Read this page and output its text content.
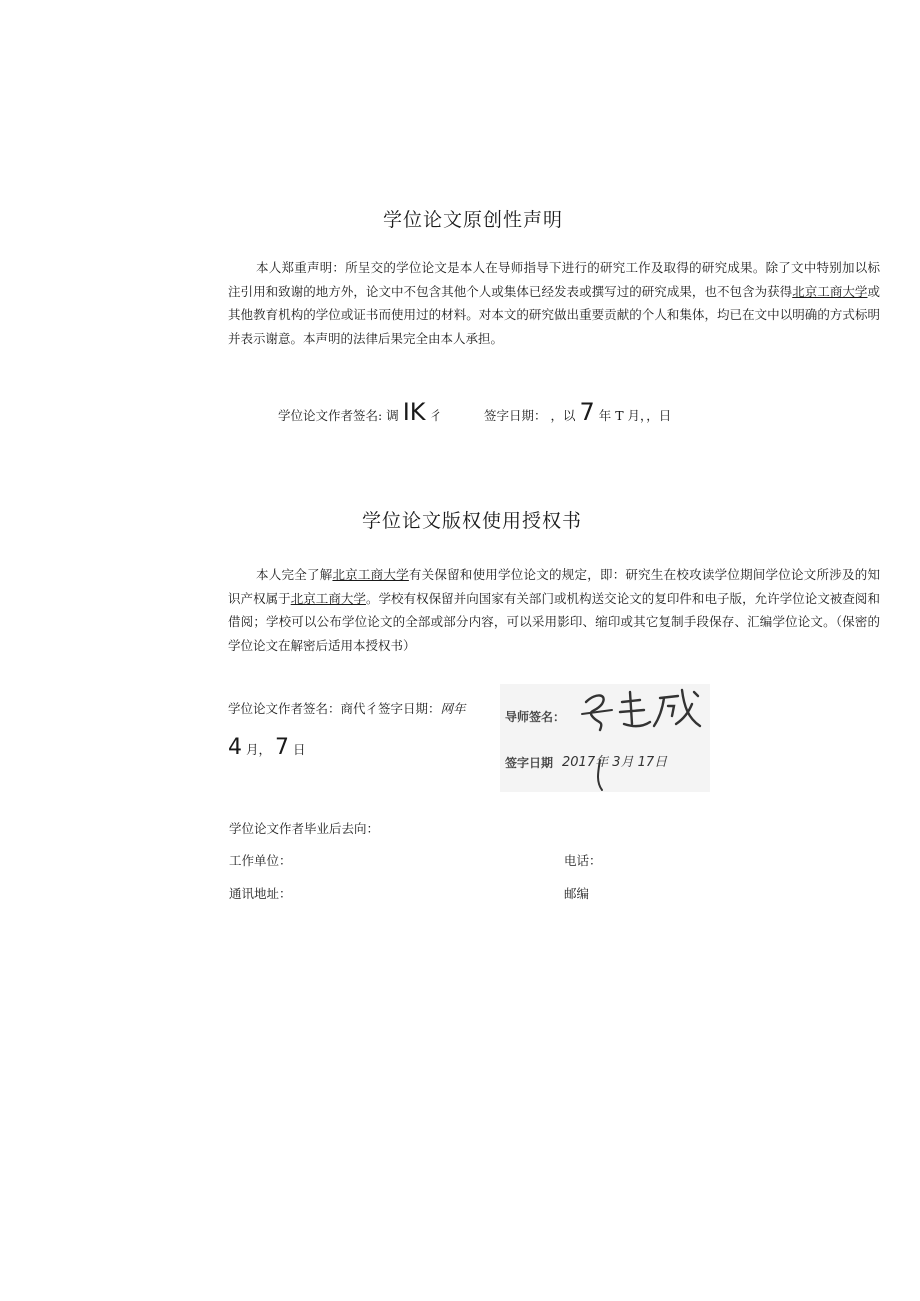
学位论文原创性声明

本人郑重声明：所呈交的学位论文是本人在导师指导下进行的研究工作及取得的研究成果。除了文中特别加以标注引用和致谢的地方外，论文中不包含其他个人或集体已经发表或撰写过的研究成果，也不包含为获得北京工商大学或其他教育机构的学位或证书而使用过的材料。对本文的研究做出重要贡献的个人和集体，均已在文中以明确的方式标明并表示谢意。本声明的法律后果完全由本人承担。

学位论文作者签名: 调 IK 彳	签字日期： ，以 7 年 T 月，，日
学位论文版权使用授权书

本人完全了解北京工商大学有关保留和使用学位论文的规定，即：研究生在校攻读学位期间学位论文所涉及的知识产权属于北京工商大学。学校有权保留并向国家有关部门或机构送交论文的复印件和电子版，允许学位论文被查阅和借阅；学校可以公布学位论文的全部或部分内容，可以采用影印、缩印或其它复制手段保存、汇编学位论文。（保密的学位论文在解密后适用本授权书）

学位论文作者签名：商代彳签字日期：网年
4 月， 7 日
导师签名：
签字日期 2017年 3月 17日
学位论文作者毕业后去向：
工作单位：	电话：
通讯地址：	邮编
